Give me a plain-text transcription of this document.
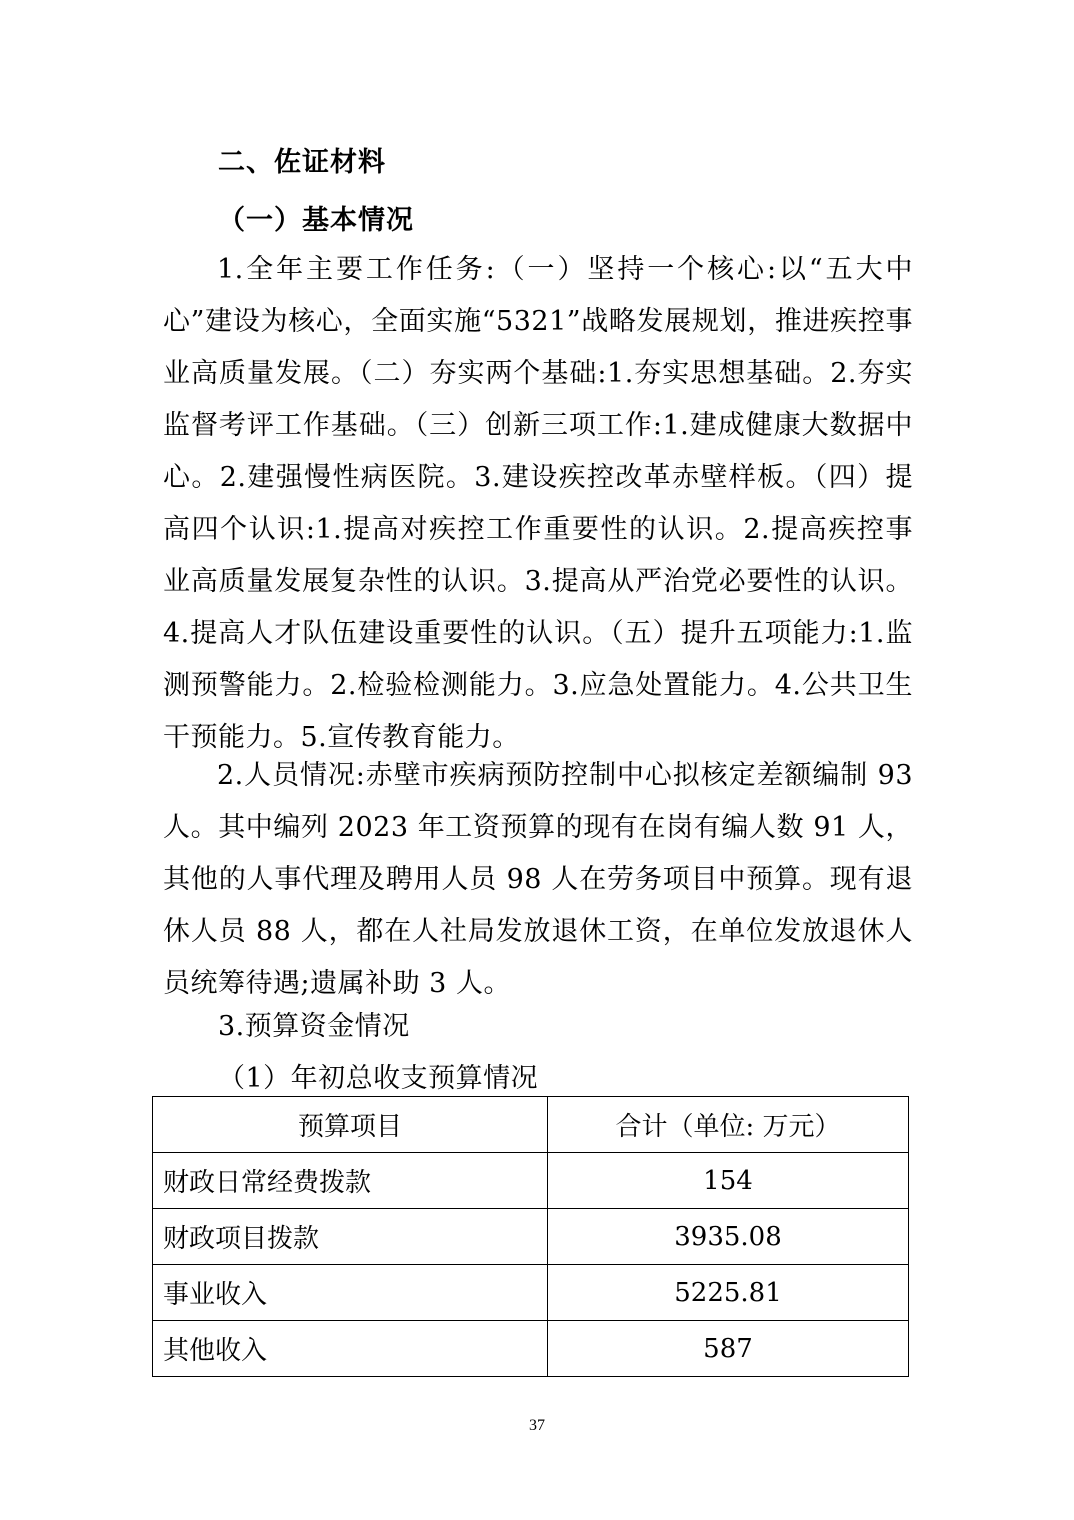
二、佐证材料
（一）基本情况

1.全年主要工作任务:（一）坚持一个核心:以“五大中心”建设为核心，全面实施“5321”战略发展规划，推进疾控事业高质量发展。（二）夯实两个基础:1.夯实思想基础。2.夯实监督考评工作基础。（三）创新三项工作:1.建成健康大数据中心。2.建强慢性病医院。3.建设疾控改革赤壁样板。（四）提高四个认识:1.提高对疾控工作重要性的认识。2.提高疾控事业高质量发展复杂性的认识。3.提高从严治党必要性的认识。4.提高人才队伍建设重要性的认识。（五）提升五项能力:1.监测预警能力。2.检验检测能力。3.应急处置能力。4.公共卫生干预能力。5.宣传教育能力。

2.人员情况:赤壁市疾病预防控制中心拟核定差额编制 93 人。其中编列 2023 年工资预算的现有在岗有编人数 91 人，其他的人事代理及聘用人员 98 人在劳务项目中预算。现有退休人员 88 人，都在人社局发放退休工资，在单位发放退休人员统筹待遇;遗属补助 3 人。

3.预算资金情况
（1）年初总收支预算情况
预算项目	合计（单位: 万元）
财政日常经费拨款	154
财政项目拨款	3935.08
事业收入	5225.81
其他收入	587
37
